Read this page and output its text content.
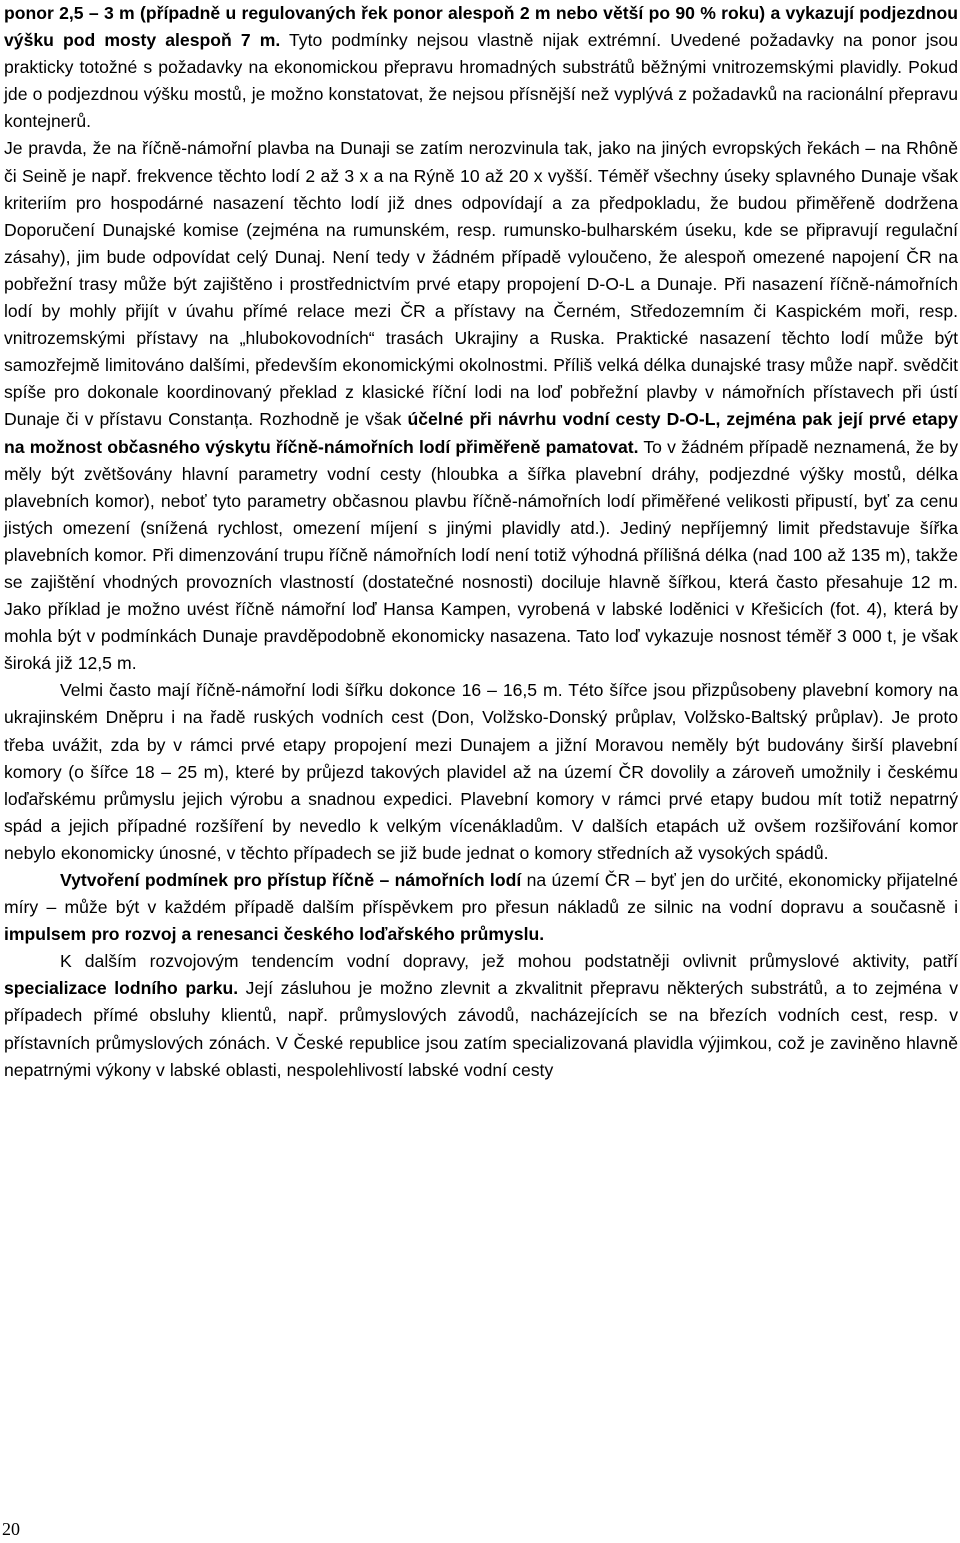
ponor 2,5 – 3 m (případně u regulovaných řek ponor alespoň 2 m nebo větší po 90 % roku) a vykazují podjezdnou výšku pod mosty alespoň 7 m. Tyto podmínky nejsou vlastně nijak extrémní. Uvedené požadavky na ponor jsou prakticky totožné s požadavky na ekonomickou přepravu hromadných substrátů běžnými vnitrozemskými plavidly. Pokud jde o podjezdnou výšku mostů, je možno konstatovat, že nejsou přísnější než vyplývá z požadavků na racionální přepravu kontejnerů.

Je pravda, že na říčně-námořní plavba na Dunaji se zatím nerozvinula tak, jako na jiných evropských řekách – na Rhôně či Seině je např. frekvence těchto lodí 2 až 3 x a na Rýně 10 až 20 x vyšší. Téměř všechny úseky splavného Dunaje však kriteriím pro hospodárné nasazení těchto lodí již dnes odpovídají a za předpokladu, že budou přiměřeně dodržena Doporučení Dunajské komise (zejména na rumunském, resp. rumunsko-bulharském úseku, kde se připravují regulační zásahy), jim bude odpovídat celý Dunaj. Není tedy v žádném případě vyloučeno, že alespoň omezené napojení ČR na pobřežní trasy může být zajištěno i prostřednictvím prvé etapy propojení D-O-L a Dunaje. Při nasazení říčně-námořních lodí by mohly přijít v úvahu přímé relace mezi ČR a přístavy na Černém, Středozemním či Kaspickém moři, resp. vnitrozemskými přístavy na „hlubokovodních“ trasách Ukrajiny a Ruska. Praktické nasazení těchto lodí může být samozřejmě limitováno dalšími, především ekonomickými okolnostmi. Příliš velká délka dunajské trasy může např. svědčit spíše pro dokonale koordinovaný překlad z klasické říční lodi na loď pobřežní plavby v námořních přístavech při ústí Dunaje či v přístavu Constanța. Rozhodně je však účelné při návrhu vodní cesty D-O-L, zejména pak její prvé etapy na možnost občasného výskytu říčně-námořních lodí přiměřeně pamatovat. To v žádném případě neznamená, že by měly být zvětšovány hlavní parametry vodní cesty (hloubka a šířka plavební dráhy, podjezdné výšky mostů, délka plavebních komor), neboť tyto parametry občasnou plavbu říčně-námořních lodí přiměřené velikosti připustí, byť za cenu jistých omezení (snížená rychlost, omezení míjení s jinými plavidly atd.). Jediný nepříjemný limit představuje šířka plavebních komor. Při dimenzování trupu říčně námořních lodí není totiž výhodná přílišná délka (nad 100 až 135 m), takže se zajištění vhodných provozních vlastností (dostatečné nosnosti) dociluje hlavně šířkou, která často přesahuje 12 m. Jako příklad je možno uvést říčně námořní loď Hansa Kampen, vyrobená v labské loděnici v Křešicích (fot. 4), která by mohla být v podmínkách Dunaje pravděpodobně ekonomicky nasazena. Tato loď vykazuje nosnost téměř 3 000 t, je však široká již 12,5 m.

Velmi často mají říčně-námořní lodi šířku dokonce 16 – 16,5 m. Této šířce jsou přizpůsobeny plavební komory na ukrajinském Dněpru i na řadě ruských vodních cest (Don, Volžsko-Donský průplav, Volžsko-Baltský průplav). Je proto třeba uvážit, zda by v rámci prvé etapy propojení mezi Dunajem a jižní Moravou neměly být budovány širší plavební komory (o šířce 18 – 25 m), které by průjezd takových plavidel až na území ČR dovolily a zároveň umožnily i českému loďařskému průmyslu jejich výrobu a snadnou expedici. Plavební komory v rámci prvé etapy budou mít totiž nepatrný spád a jejich případné rozšíření by nevedlo k velkým vícenákladům. V dalších etapách už ovšem rozšiřování komor nebylo ekonomicky únosné, v těchto případech se již bude jednat o komory středních až vysokých spádů.

Vytvoření podmínek pro přístup říčně – námořních lodí na území ČR – byť jen do určité, ekonomicky přijatelné míry – může být v každém případě dalším příspěvkem pro přesun nákladů ze silnic na vodní dopravu a současně i impulsem pro rozvoj a renesanci českého loďařského průmyslu.

K dalším rozvojovým tendencím vodní dopravy, jež mohou podstatněji ovlivnit průmyslové aktivity, patří specializace lodního parku. Její zásluhou je možno zlevnit a zkvalitnit přepravu některých substrátů, a to zejména v případech přímé obsluhy klientů, např. průmyslových závodů, nacházejících se na březích vodních cest, resp. v přístavních průmyslových zónách. V České republice jsou zatím specializovaná plavidla výjimkou, což je zaviněno hlavně nepatrnými výkony v labské oblasti, nespolehlivostí labské vodní cesty

20
